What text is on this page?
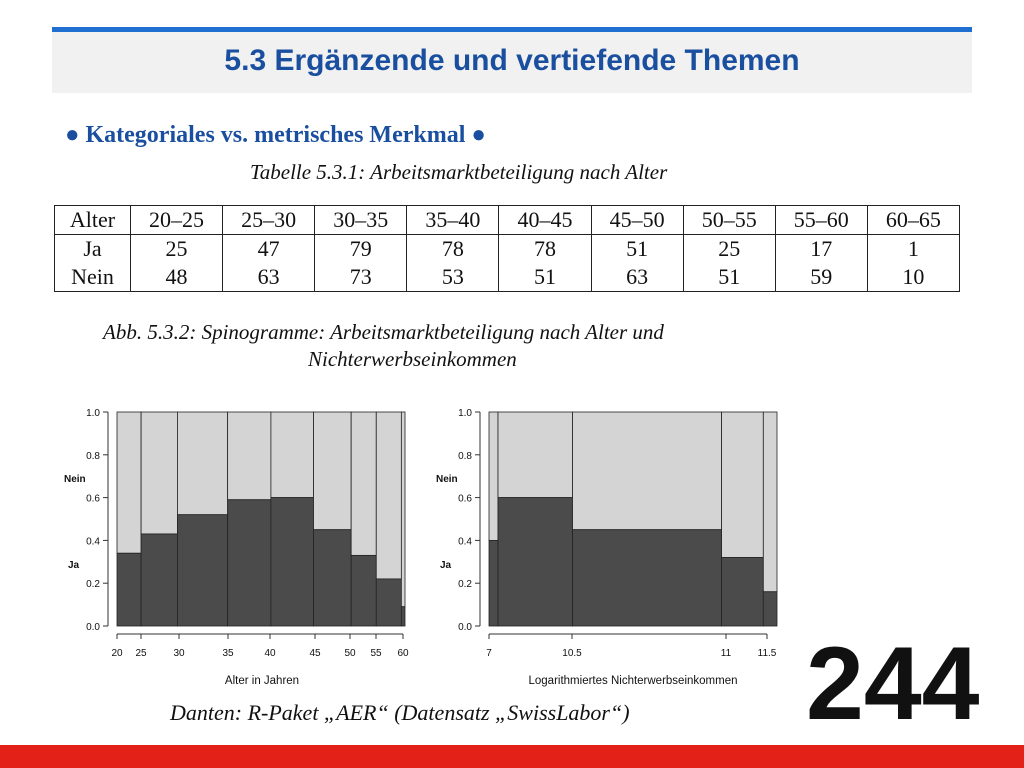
5.3 Ergänzende und vertiefende Themen
● Kategoriales vs. metrisches Merkmal ●
Tabelle 5.3.1: Arbeitsmarktbeteiligung nach Alter
Alter	20–25	25–30	30–35	35–40	40–45	45–50	50–55	55–60	60–65
Ja	25	47	79	78	78	51	25	17	1
Nein	48	63	73	53	51	63	51	59	10
Abb. 5.3.2: Spinogramme: Arbeitsmarktbeteiligung nach Alter und
Nichterwerbseinkommen
0.0
0.2
0.4
0.6
0.8
1.0
Nein
Ja
20 25	30	35	40	45 50 55 60
Alter in Jahren
0.0
0.2
0.4
0.6
0.8
1.0
Nein
Ja
7	10.5	11	11.5
Logarithmiertes Nichterwerbseinkommen
Danten: R-Paket „AER“ (Datensatz „SwissLabor“) 244
